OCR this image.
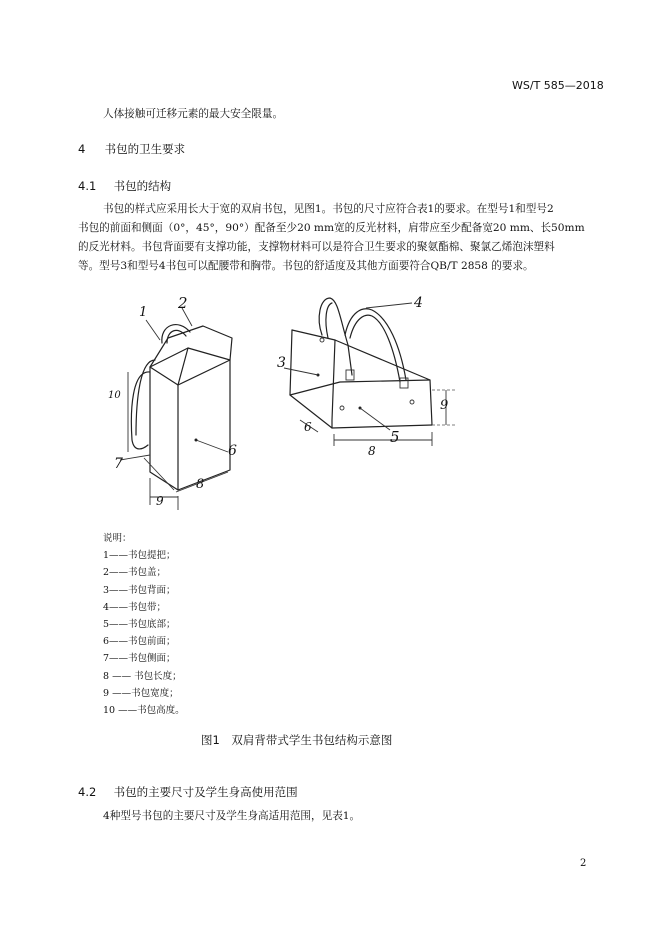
WS/T 585—2018
人体接触可迁移元素的最大安全限量。
4 书包的卫生要求
4.1 书包的结构
书包的样式应采用长大于宽的双肩书包，见图1。书包的尺寸应符合表1的要求。在型号1和型号2
书包的前面和侧面（0°，45°，90°）配备至少20 mm宽的反光材料，肩带应至少配备宽20 mm、长50mm
的反光材料。书包背面要有支撑功能，支撑物材料可以是符合卫生要求的聚氨酯棉、聚氯乙烯泡沫塑料
等。型号3和型号4书包可以配腰带和胸带。书包的舒适度及其他方面要符合QB/T 2858 的要求。
1
2
10
7
6
9
8
4
3
6
5
8
9
说明：
1——书包提把；
2——书包盖；
3——书包背面；
4——书包带；
5——书包底部；
6——书包前面；
7——书包侧面；
8 —— 书包长度；
9 ——书包宽度；
10 ——书包高度。
图1　双肩背带式学生书包结构示意图
4.2 书包的主要尺寸及学生身高使用范围
4种型号书包的主要尺寸及学生身高适用范围，见表1。
2
